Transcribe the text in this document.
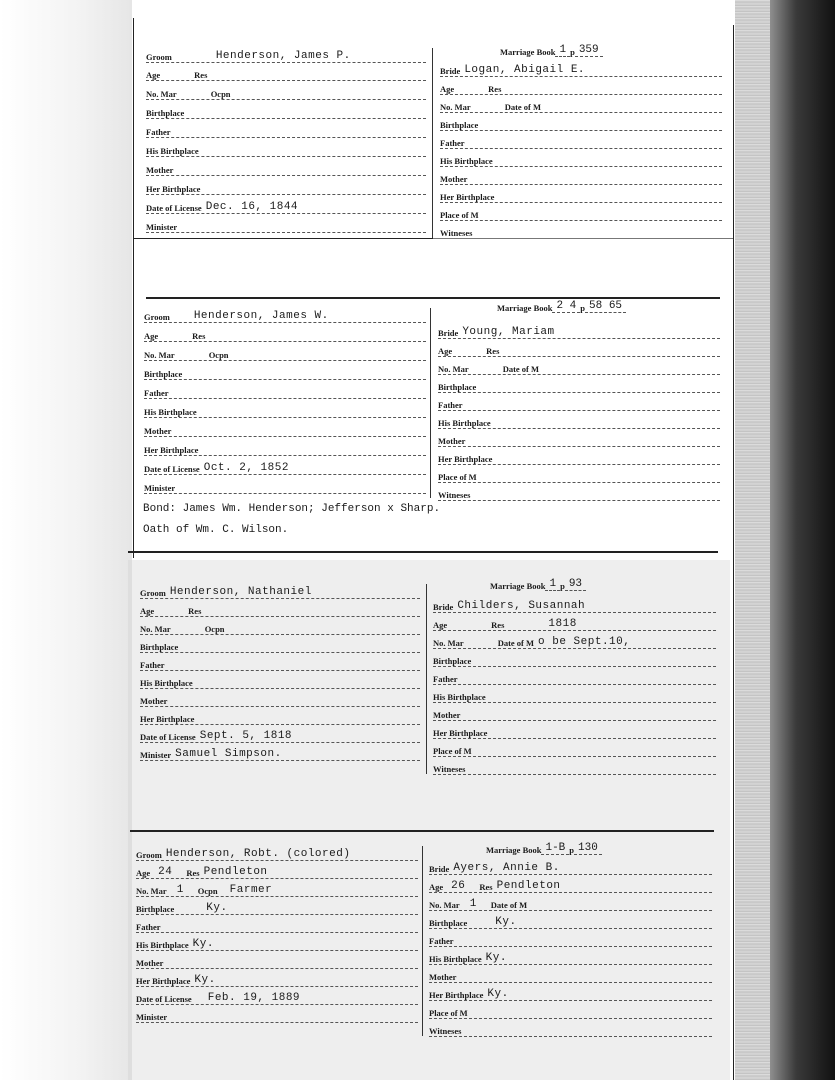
Groom	Henderson, James P.
Age	Res
No. Mar	Ocpn
Birthplace
Father
His Birthplace
Mother
Her Birthplace
Date of License Dec. 16, 1844
Minister
Marriage Book 1 p 359
Bride Logan, Abigail E.
Age	Res
No. Mar	Date of M
Birthplace
Father
His Birthplace
Mother
Her Birthplace
Place of M
Witneses
Groom	Henderson, James W.
Age	Res
No. Mar	Ocpn
Birthplace
Father
His Birthplace
Mother
Her Birthplace
Date of License Oct. 2, 1852
Minister
Marriage Book 2 4 p 58 65
Bride Young, Mariam
Age	Res
No. Mar	Date of M
Birthplace
Father
His Birthplace
Mother
Her Birthplace
Place of M
Witneses
Bond: James Wm. Henderson; Jefferson x Sharp.
Oath of Wm. C. Wilson.
Groom Henderson, Nathaniel
Age	Res
No. Mar	Ocpn
Birthplace
Father
His Birthplace
Mother
Her Birthplace
Date of License Sept. 5, 1818
Minister Samuel Simpson.
Marriage Book 1 p 93
Bride Childers, Susannah
Age	Res	1818
No. Mar	Date of M o be Sept.10,
Birthplace
Father
His Birthplace
Mother
Her Birthplace
Place of M
Witneses
Groom Henderson, Robt. (colored)
Age 24	Res Pendleton
No. Mar 1	Ocpn	Farmer
Birthplace	Ky.
Father
His Birthplace Ky.
Mother
Her Birthplace Ky.
Date of License	Feb. 19, 1889
Minister
Marriage Book 1-B p 130
Bride Ayers, Annie B.
Age 26	Res Pendleton
No. Mar 1	Date of M
Birthplace	Ky.
Father
His Birthplace Ky.
Mother
Her Birthplace Ky.
Place of M
Witneses
